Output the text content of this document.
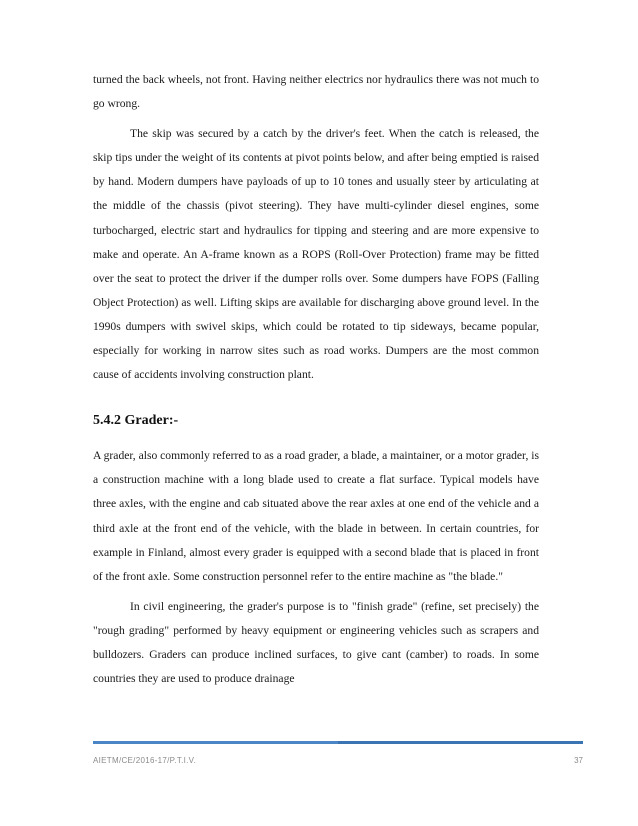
turned the back wheels, not front. Having neither electrics nor hydraulics there was not much to go wrong.

The skip was secured by a catch by the driver's feet. When the catch is released, the skip tips under the weight of its contents at pivot points below, and after being emptied is raised by hand. Modern dumpers have payloads of up to 10 tones and usually steer by articulating at the middle of the chassis (pivot steering). They have multi-cylinder diesel engines, some turbocharged, electric start and hydraulics for tipping and steering and are more expensive to make and operate. An A-frame known as a ROPS (Roll-Over Protection) frame may be fitted over the seat to protect the driver if the dumper rolls over. Some dumpers have FOPS (Falling Object Protection) as well. Lifting skips are available for discharging above ground level. In the 1990s dumpers with swivel skips, which could be rotated to tip sideways, became popular, especially for working in narrow sites such as road works. Dumpers are the most common cause of accidents involving construction plant.

5.4.2 Grader:-

A grader, also commonly referred to as a road grader, a blade, a maintainer, or a motor grader, is a construction machine with a long blade used to create a flat surface. Typical models have three axles, with the engine and cab situated above the rear axles at one end of the vehicle and a third axle at the front end of the vehicle, with the blade in between. In certain countries, for example in Finland, almost every grader is equipped with a second blade that is placed in front of the front axle. Some construction personnel refer to the entire machine as "the blade."

In civil engineering, the grader's purpose is to "finish grade" (refine, set precisely) the "rough grading" performed by heavy equipment or engineering vehicles such as scrapers and bulldozers. Graders can produce inclined surfaces, to give cant (camber) to roads. In some countries they are used to produce drainage

AIETM/CE/2016-17/P.T.I.V.	37
